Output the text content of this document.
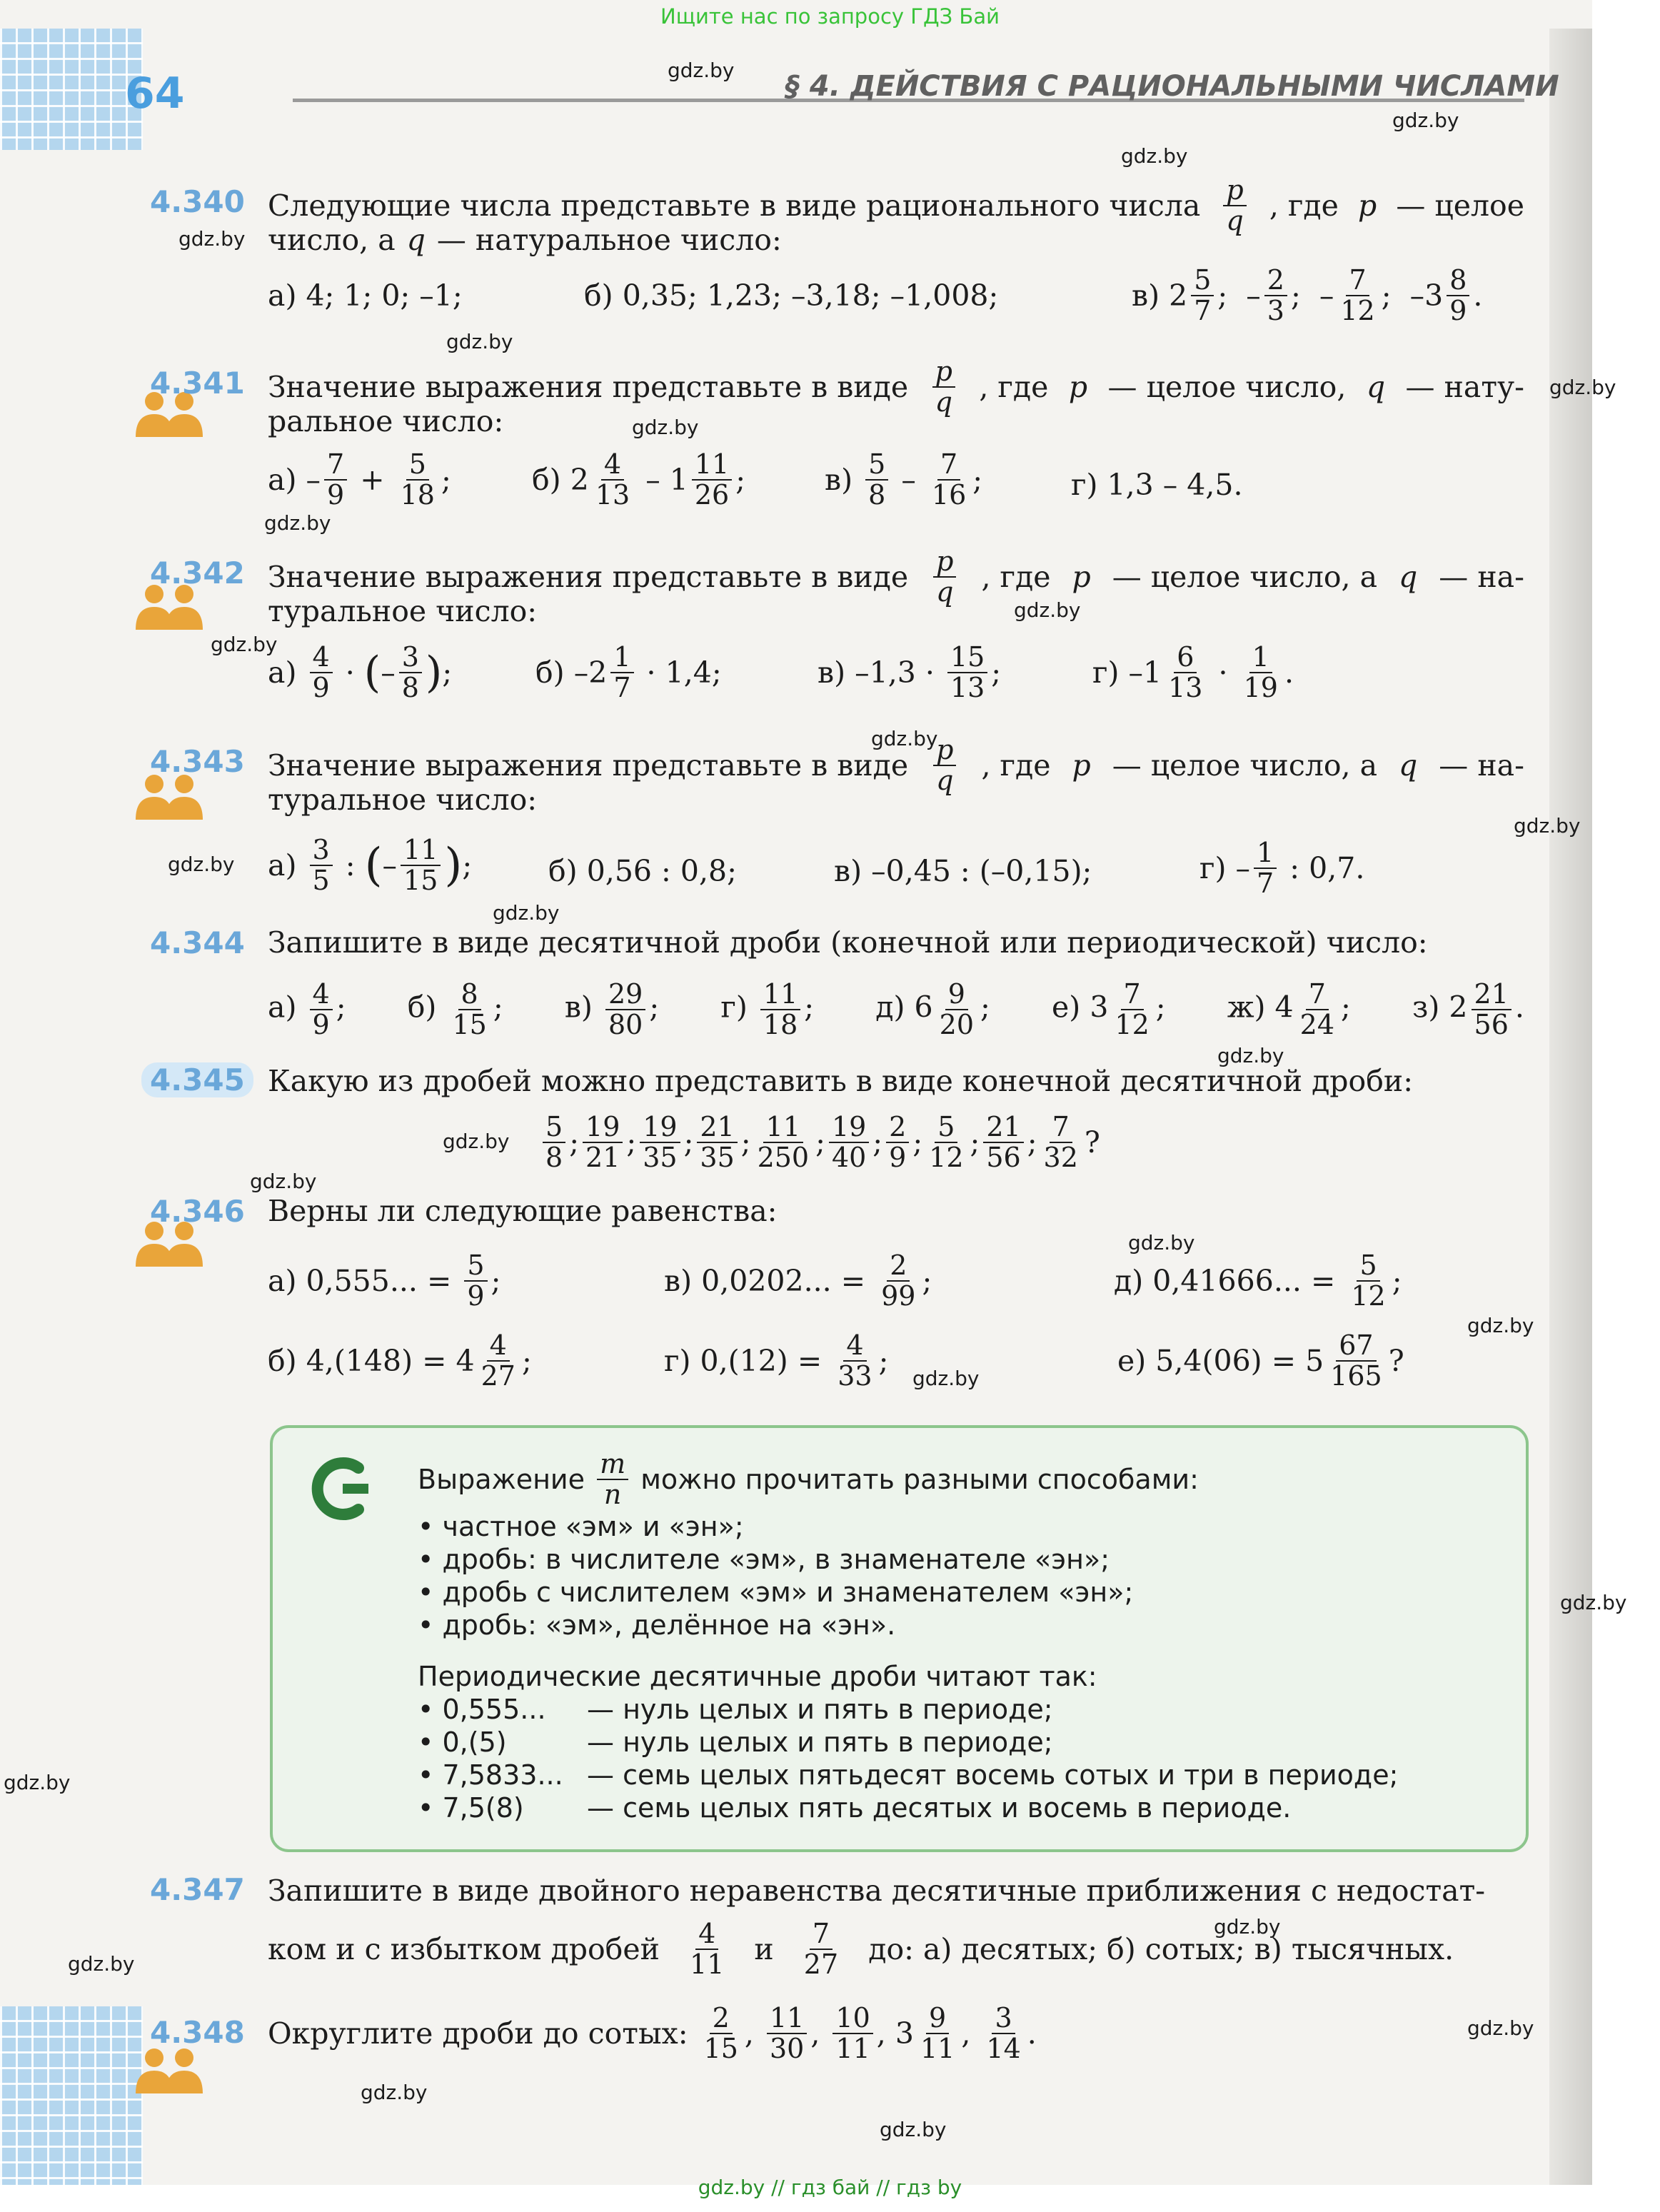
Ищите нас по запросу ГДЗ Бай
64	§ 4. ДЕЙСТВИЯ С РАЦИОНАЛЬНЫМИ ЧИСЛАМИ
gdz.by
gdz.by
gdz.by
gdz.by
gdz.by
gdz.by
gdz.by
gdz.by
gdz.by
gdz.by
gdz.by
gdz.by
gdz.by
gdz.by
gdz.by
gdz.by
gdz.by
gdz.by
gdz.by
gdz.by
gdz.by
gdz.by
gdz.by
gdz.by
gdz.by
gdz.by
gdz.by
4.340 Следующие числа представьте в виде рационального числа $\frac{p}{q}$ , где p — целое
число, а q — натуральное число:
а) 4; 1; 0; –1;	б) 0,35; 1,23; –3,18; –1,008;	в) $2 \frac{5}{7}$ ;  – $\frac{2}{3}$ ;  – $\frac{7}{12}$ ;  $-3 \frac{8}{9}$ .
4.341 Значение выражения представьте в виде $\frac{p}{q}$ , где p — целое число, q — нату-
ральное число:
$а) - \frac{7}{9} + \frac{5}{18}$ ;	б) $2 \frac{4}{13} - 1 \frac{11}{26}$ ;	в)
$\frac{5}{8} - \frac{7}{16}$ ;	г) 1,3 – 4,5.
4.342 Значение выражения представьте в виде $\frac{p}{q}$ , где p — целое число, а q — на-
туральное число:
а)
$\frac{4}{9}$ · ( – $\frac{3}{8}$ ) ;	б) $-2 \frac{1}{7}$
· 1,4;	в) –1,3 ·
$\frac{15}{13}$ ;	г) $-1 \frac{6}{13} \cdot \frac{1}{19}$ .
4.343 Значение выражения представьте в виде $\frac{p}{q}$ , где p — целое число, а q — на-
туральное число:
а)
$\frac{3}{5}$ : ( – $\frac{11}{15}$ ) ;	б) 0,56 : 0,8;	в) –0,45 : (–0,15);	$г) - \frac{1}{7}$
: 0,7.
4.344 Запишите в виде десятичной дроби (конечной или периодической) число:
$а) \frac{4}{9}$ ; $б) \frac{8}{15}$ ; $в) \frac{29}{80}$ ; $г) \frac{11}{18}$ ; д) $6 \frac{9}{20}$ ; е) $3 \frac{7}{12}$ ; ж) $4 \frac{7}{24}$ ; з) $2 \frac{21}{56}$ .
4.345 Какую из дробей можно представить в виде конечной десятичной дроби:
$\frac{5}{8}$ ; $\frac{19}{21}$ ; $\frac{19}{35}$ ; $\frac{21}{35}$ ; $\frac{11}{250}$ ; $\frac{19}{40}$ ; $\frac{2}{9}$ ; $\frac{5}{12}$ ; $\frac{21}{56}$ ; $\frac{7}{32}$ ?
4.346 Верны ли следующие равенства:
а) 0,555... =
$\frac{5}{9}$ ;	в) 0,0202... =
$\frac{2}{99}$ ;	д) 0,41666... =
$\frac{5}{12}$ ;
б) $4,(148) = 4 \frac{4}{27}$ ;	г) 0,(12) =
$\frac{4}{33}$ ;	е) $5,4(06) = 5 \frac{67}{165}$ ?
Выражение
$\frac{m}{n}$
можно прочитать разными способами:
• частное «эм» и «эн»;
• дробь: в числителе «эм», в знаменателе «эн»;
• дробь с числителем «эм» и знаменателем «эн»;
• дробь: «эм», делённое на «эн».
Периодические десятичные дроби читают так:
• 0,555... — нуль целых и пять в периоде;
• 0,(5)	— нуль целых и пять в периоде;
• 7,5833... — семь целых пятьдесят восемь сотых и три в периоде;
• 7,5(8) — семь целых пять десятых и восемь в периоде.
4.347 Запишите в виде двойного неравенства десятичные приближения с недостат-
ком и с избытком дробей
$\frac{4}{11}$
и
$\frac{7}{27}$
до: а) десятых; б) сотых; в) тысячных.
4.348 Округлите дроби до сотых:
$\frac{2}{15}$ , $\frac{11}{30}$ , $\frac{10}{11}$ , $3 \frac{9}{11}$ , $\frac{3}{14}$ .
gdz.by // гдз бай // гдз by
